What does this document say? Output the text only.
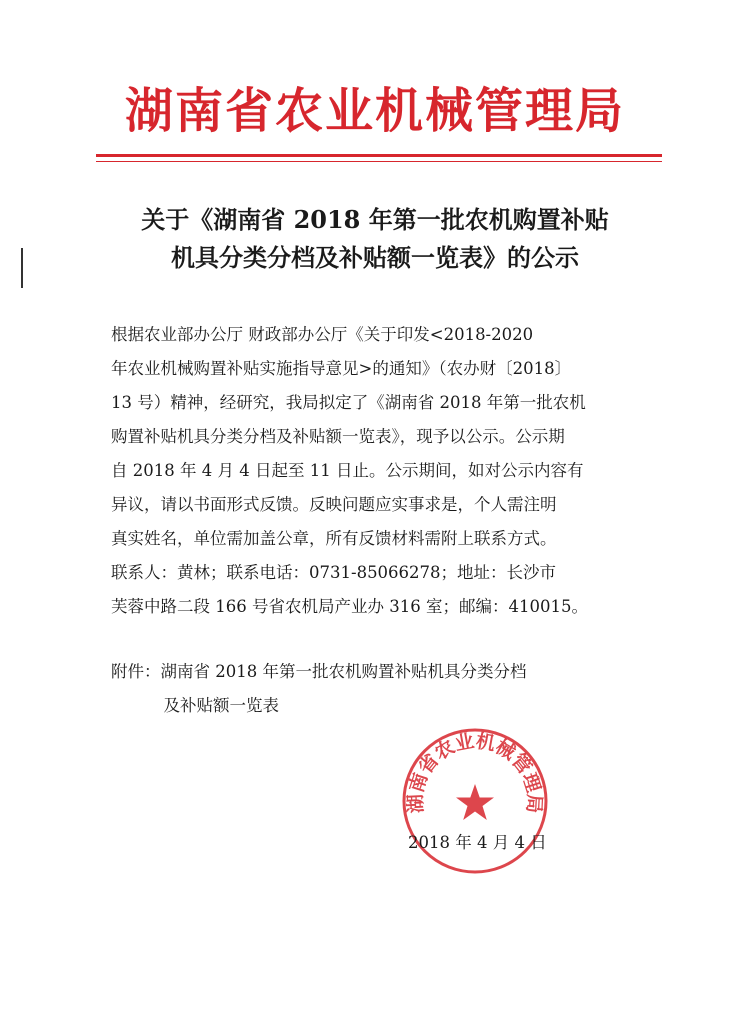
湖南省农业机械管理局
关于《湖南省 2018 年第一批农机购置补贴
机具分类分档及补贴额一览表》的公示
根据农业部办公厅 财政部办公厅《关于印发<2018-2020
年农业机械购置补贴实施指导意见>的通知》（农办财〔2018〕
13 号）精神，经研究，我局拟定了《湖南省 2018 年第一批农机
购置补贴机具分类分档及补贴额一览表》，现予以公示。公示期
自 2018 年 4 月 4 日起至 11 日止。公示期间，如对公示内容有
异议，请以书面形式反馈。反映问题应实事求是，个人需注明
真实姓名，单位需加盖公章，所有反馈材料需附上联系方式。
联系人：黄林；联系电话：0731-85066278；地址：长沙市
芙蓉中路二段 166 号省农机局产业办 316 室；邮编：410015。
附件：湖南省 2018 年第一批农机购置补贴机具分类分档
及补贴额一览表
湖南省农业机械管理局
2018 年 4 月 4 日
